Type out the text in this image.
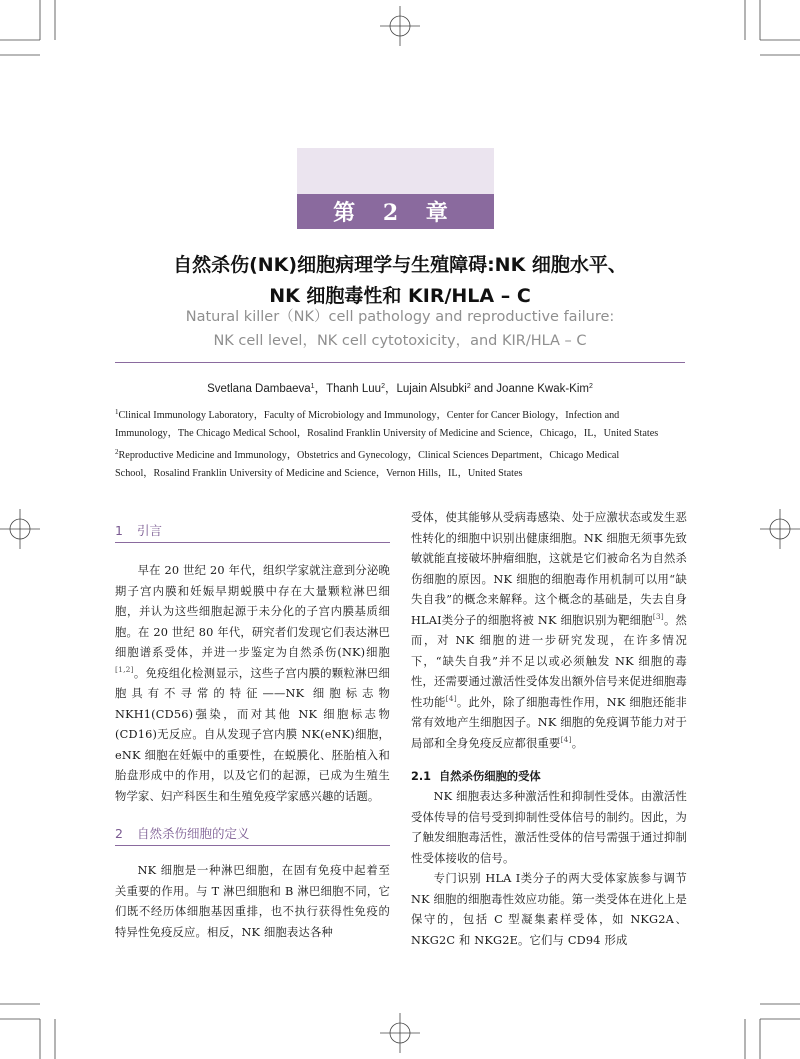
第 2 章
自然杀伤(NK)细胞病理学与生殖障碍:NK 细胞水平、
NK 细胞毒性和 KIR/HLA – C
Natural killer（NK）cell pathology and reproductive failure:
NK cell level，NK cell cytotoxicity，and KIR/HLA – C
Svetlana Dambaeva$^1$，Thanh Luu$^2$，Lujain Alsubki$^2$ and Joanne Kwak-Kim$^2$
$^1$Clinical Immunology Laboratory，Faculty of Microbiology and Immunology，Center for Cancer Biology，Infection and
Immunology，The Chicago Medical School，Rosalind Franklin University of Medicine and Science，Chicago，IL，United States
$^2$Reproductive Medicine and Immunology，Obstetrics and Gynecology，Clinical Sciences Department，Chicago Medical
School，Rosalind Franklin University of Medicine and Science，Vernon Hills，IL，United States
1 引言

早在 20 世纪 20 年代，组织学家就注意到分泌晚期子宫内膜和妊娠早期蜕膜中存在大量颗粒淋巴细胞，并认为这些细胞起源于未分化的子宫内膜基质细胞。在 20 世纪 80 年代，研究者们发现它们表达淋巴细胞谱系受体，并进一步鉴定为自然杀伤(NK)细胞[1,2]。免疫组化检测显示，这些子宫内膜的颗粒淋巴细胞具有不寻常的特征——NK 细胞标志物 NKH1(CD56)强染，而对其他 NK 细胞标志物(CD16)无反应。自从发现子宫内膜 NK(eNK)细胞，eNK 细胞在妊娠中的重要性，在蜕膜化、胚胎植入和胎盘形成中的作用，以及它们的起源，已成为生殖生物学家、妇产科医生和生殖免疫学家感兴趣的话题。

2 自然杀伤细胞的定义

NK 细胞是一种淋巴细胞，在固有免疫中起着至关重要的作用。与 T 淋巴细胞和 B 淋巴细胞不同，它们既不经历体细胞基因重排，也不执行获得性免疫的特异性免疫反应。相反，NK 细胞表达各种

受体，使其能够从受病毒感染、处于应激状态或发生恶性转化的细胞中识别出健康细胞。NK 细胞无须事先致敏就能直接破坏肿瘤细胞，这就是它们被命名为自然杀伤细胞的原因。NK 细胞的细胞毒作用机制可以用“缺失自我”的概念来解释。这个概念的基础是，失去自身 HLAⅠ类分子的细胞将被 NK 细胞识别为靶细胞[3]。然而，对 NK 细胞的进一步研究发现，在许多情况下，“缺失自我”并不足以或必须触发 NK 细胞的毒性，还需要通过激活性受体发出额外信号来促进细胞毒性功能[4]。此外，除了细胞毒性作用，NK 细胞还能非常有效地产生细胞因子。NK 细胞的免疫调节能力对于局部和全身免疫反应都很重要[4]。

2.1 自然杀伤细胞的受体

NK 细胞表达多种激活性和抑制性受体。由激活性受体传导的信号受到抑制性受体信号的制约。因此，为了触发细胞毒活性，激活性受体的信号需强于通过抑制性受体接收的信号。

专门识别 HLA Ⅰ类分子的两大受体家族参与调节 NK 细胞的细胞毒性效应功能。第一类受体在进化上是保守的，包括 C 型凝集素样受体，如 NKG2A、NKG2C 和 NKG2E。它们与 CD94 形成
